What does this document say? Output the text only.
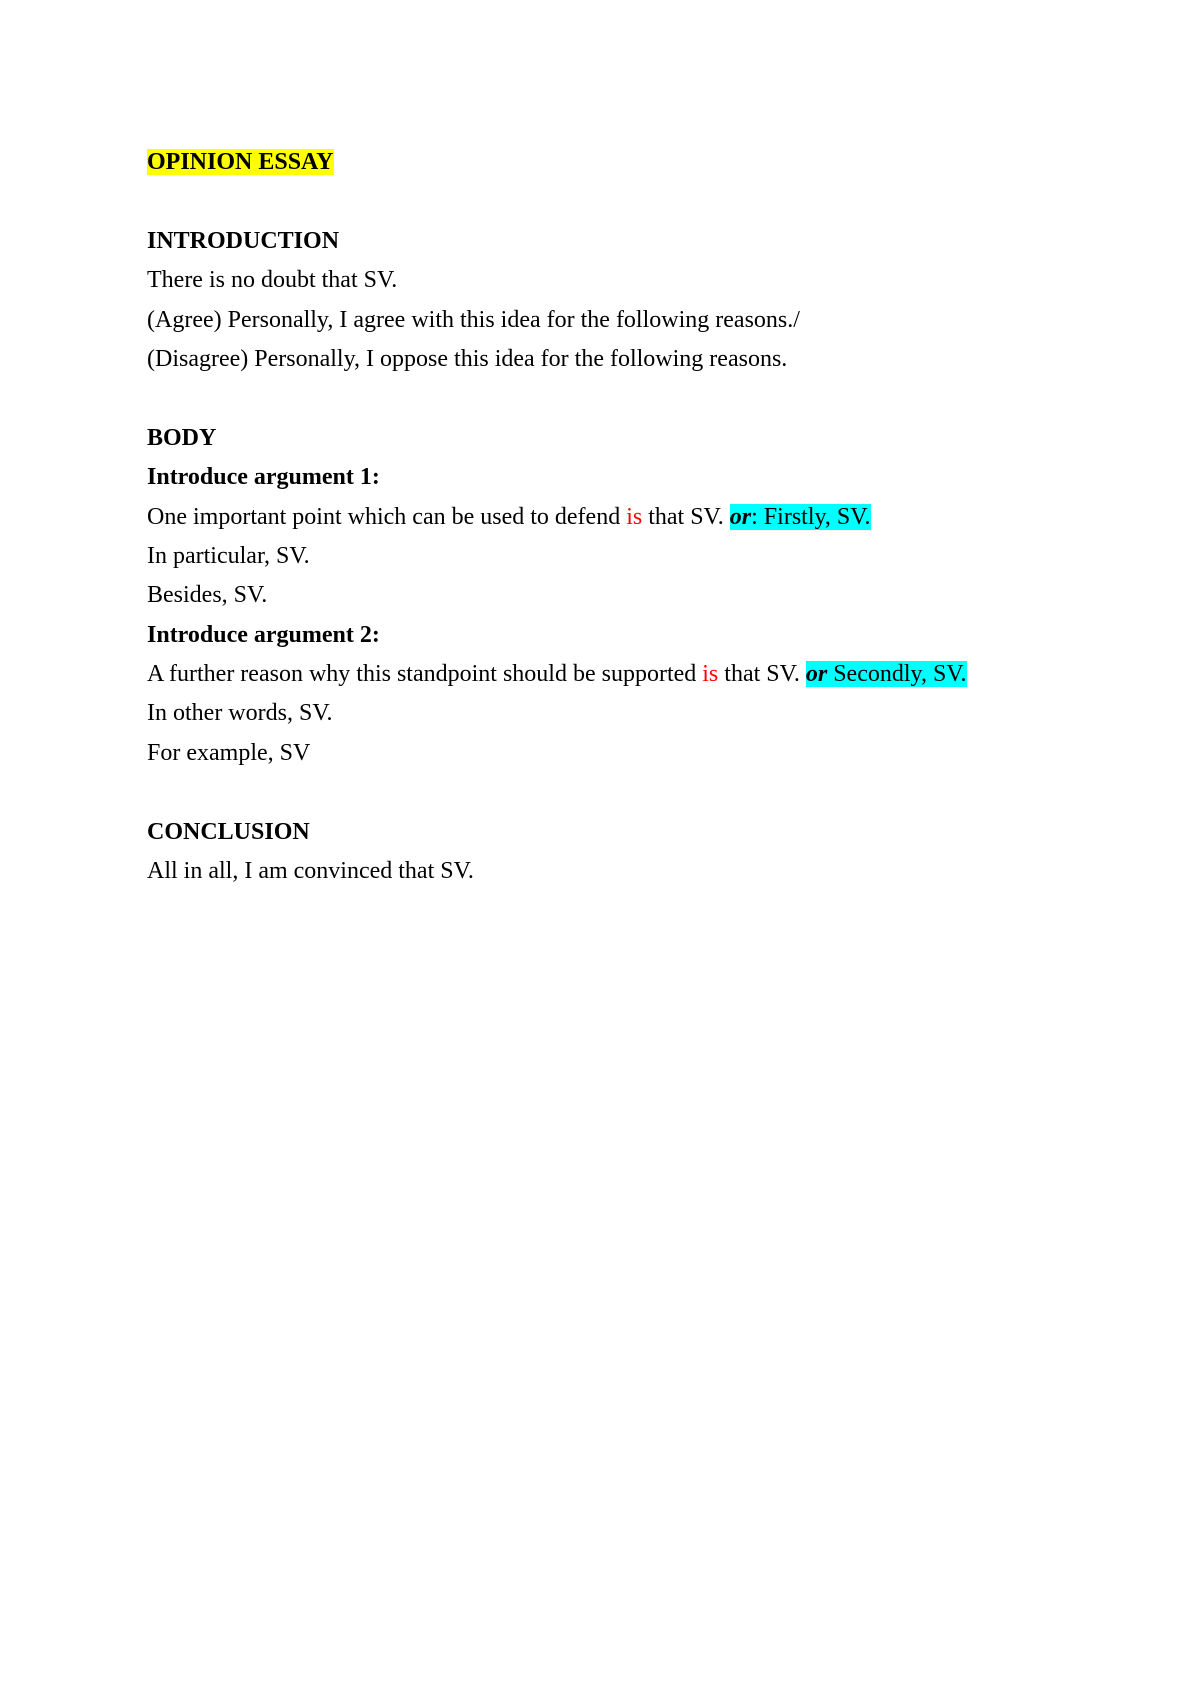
OPINION ESSAY
INTRODUCTION
There is no doubt that SV.
(Agree) Personally, I agree with this idea for the following reasons./
(Disagree) Personally, I oppose this idea for the following reasons.
BODY
Introduce argument 1:
One important point which can be used to defend is that SV. or: Firstly, SV.
In particular, SV.
Besides, SV.
Introduce argument 2:
A further reason why this standpoint should be supported is that SV. or Secondly, SV.
In other words, SV.
For example, SV
CONCLUSION
All in all, I am convinced that SV.
